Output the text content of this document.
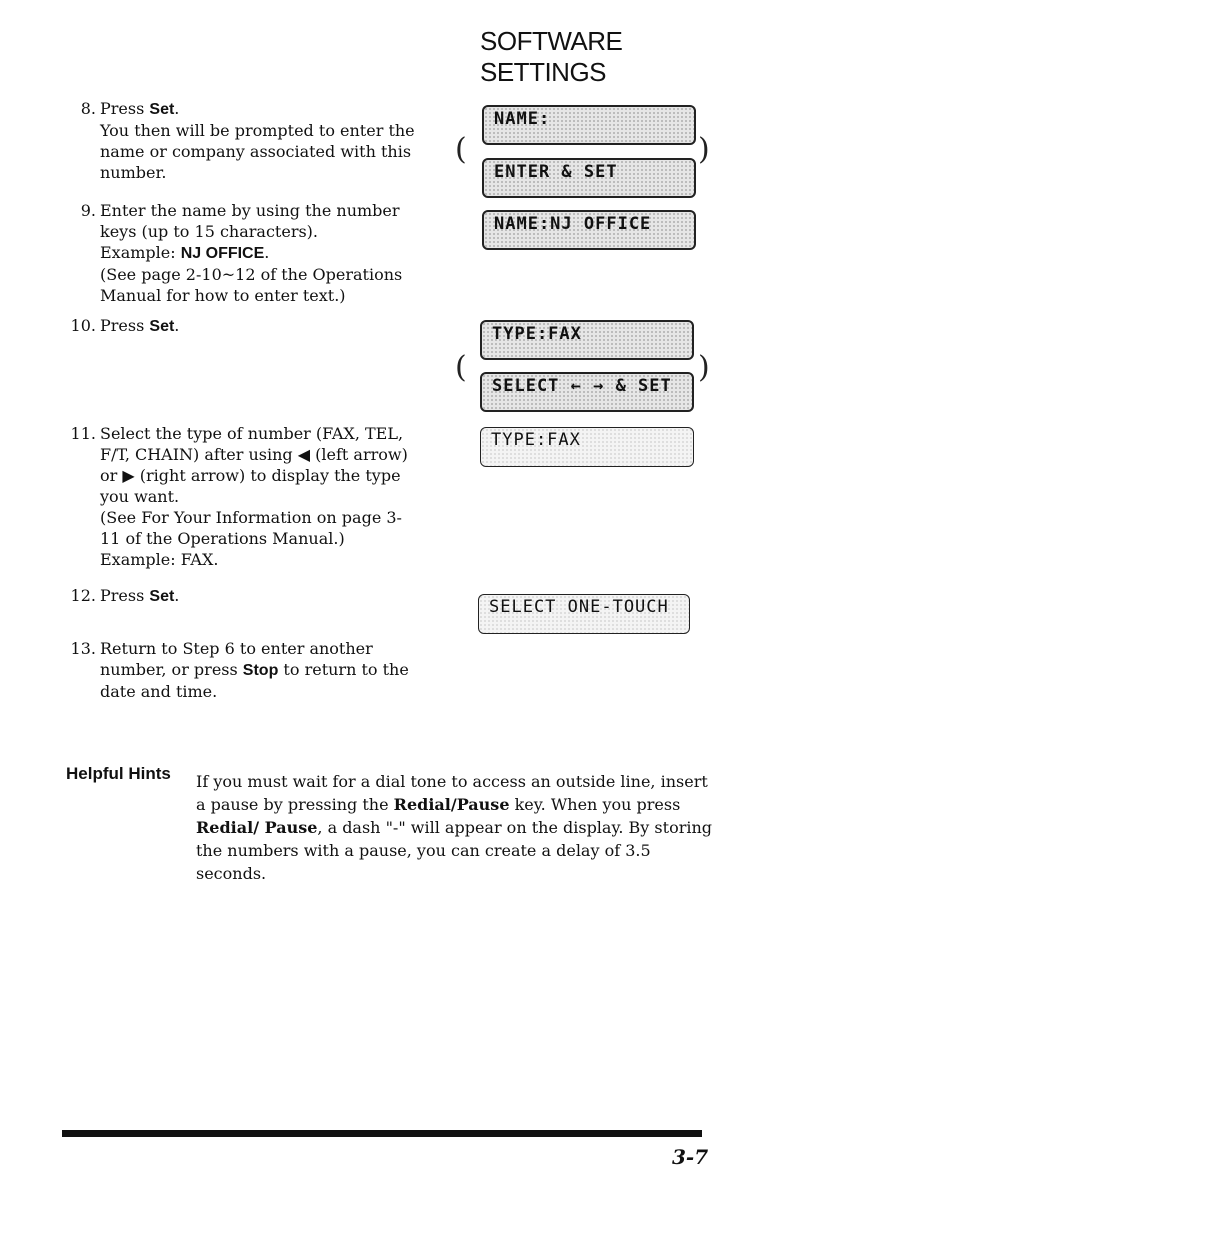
SOFTWARE SETTINGS
8. Press Set.

You then will be prompted to enter the name or company associated with this number.

9. Enter the name by using the number keys (up to 15 characters).

Example: NJ OFFICE.

(See page 2-10~12 of the Operations Manual for how to enter text.)

10. Press Set.

11. Select the type of number (FAX, TEL, F/T, CHAIN) after using ◀ (left arrow) or ▶ (right arrow) to display the type you want.

(See For Your Information on page 3-11 of the Operations Manual.)

Example: FAX.

12. Press Set.

13. Return to Step 6 to enter another number, or press Stop to return to the date and time.

(	)
NAME:
ENTER & SET
NAME:NJ OFFICE
(	)
TYPE:FAX
SELECT ← → & SET
TYPE:FAX
SELECT ONE-TOUCH
Helpful Hints If you must wait for a dial tone to access an outside line, insert a pause by pressing the Redial/Pause key. When you press Redial/ Pause, a dash "-" will appear on the display. By storing the numbers with a pause, you can create a delay of 3.5 seconds.

3-7
